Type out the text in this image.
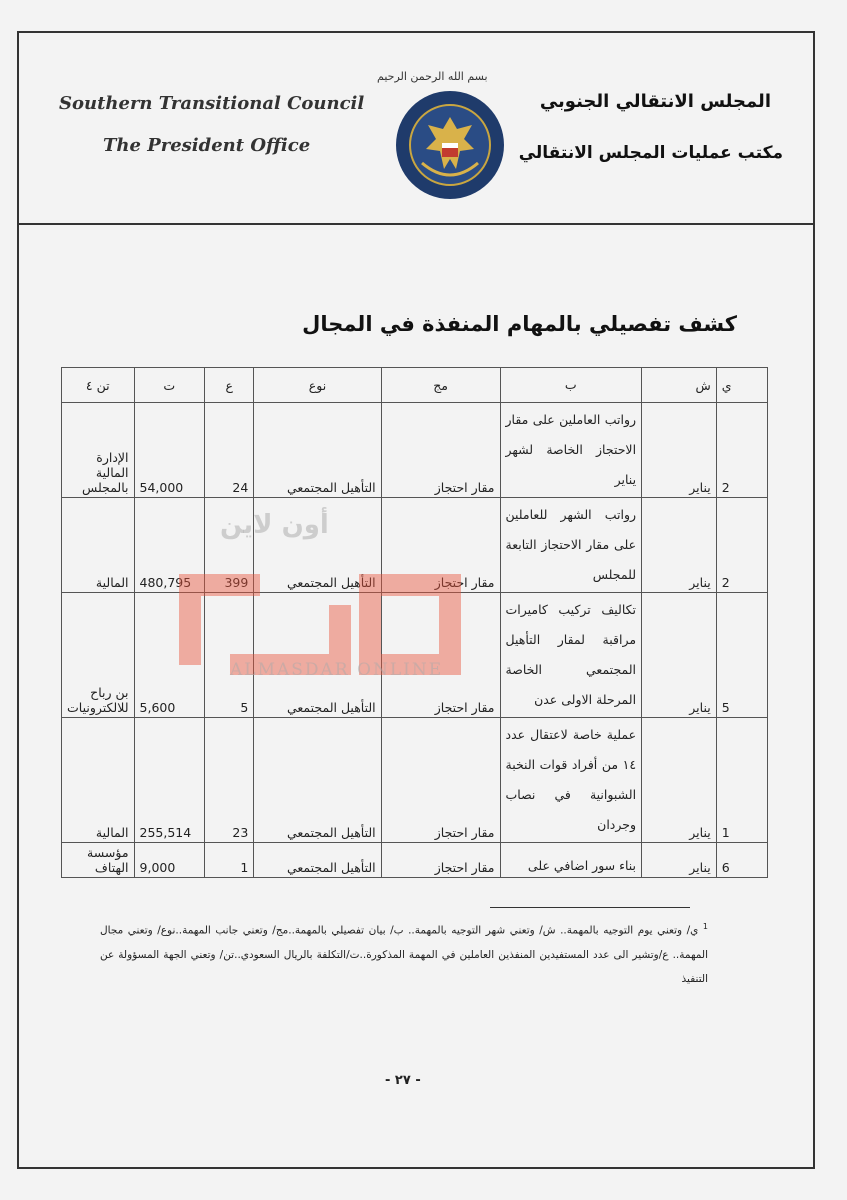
Southern Transitional Council
The President Office
بسم الله الرحمن الرحيم
المجلس الانتقالي الجنوبي
مكتب عمليات المجلس الانتقالي
كشف تفصيلي بالمهام المنفذة في المجال
ي	ش	ب	مج	نوع	ع	ت	تن ٤
2	يناير	رواتب العاملين على مقار الاحتجاز الخاصة لشهر يناير	مقار احتجاز	التأهيل المجتمعي	24	54,000	الإدارة المالية بالمجلس
2	يناير	رواتب الشهر للعاملين على مقار الاحتجاز التابعة للمجلس	مقار احتجاز	التأهيل المجتمعي	399	480,795	المالية
5	يناير	تكاليف تركيب كاميرات مراقبة لمقار التأهيل المجتمعي الخاصة المرحلة الاولى عدن	مقار احتجاز	التأهيل المجتمعي	5	5,600	بن رباح للالكترونيات
1	يناير	عملية خاصة لاعتقال عدد ١٤ من أفراد قوات النخبة الشبوانية في نصاب وجردان	مقار احتجاز	التأهيل المجتمعي	23	255,514	المالية
6	يناير	بناء سور اضافي على	مقار احتجاز	التأهيل المجتمعي	1	9,000	مؤسسة الهتاف
أون لاين
ALMASDAR ONLINE
$^1$ ي/ وتعني يوم التوجيه بالمهمة.. ش/ وتعني شهر التوجيه بالمهمة.. ب/ بيان تفصيلي بالمهمة..مج/ وتعني جانب المهمة..نوع/ وتعني مجال المهمة.. ع/وتشير الى عدد المستفيدين المنفذين العاملين في المهمة المذكورة..ت/التكلفة بالريال السعودي..تن/ وتعني الجهة المسؤولة عن التنفيذ
- ٢٧ -
